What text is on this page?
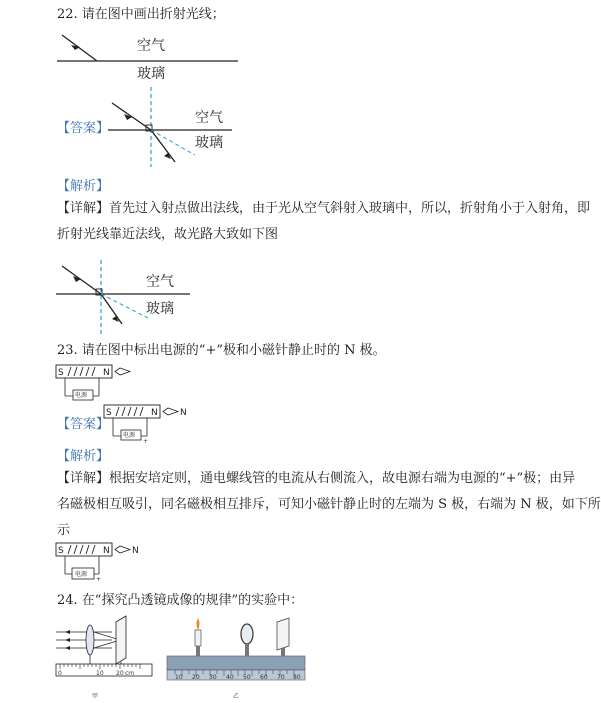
22. 请在图中画出折射光线；
空气
玻璃
【答案】
空气
玻璃
【解析】
【详解】首先过入射点做出法线，由于光从空气斜射入玻璃中，所以，折射角小于入射角，即
折射光线靠近法线，故光路大致如下图
空气
玻璃
23. 请在图中标出电源的“+”极和小磁针静止时的 N 极。
S	N
电源
【答案】
S	N
电源
+
N
【解析】
【详解】根据安培定则，通电螺线管的电流从右侧流入，故电源右端为电源的“+”极；由异
名磁极相互吸引，同名磁极相互排斥，可知小磁针静止时的左端为 S 极，右端为 N 极，如下所
示
S	N
电源
+
N
24. 在“探究凸透镜成像的规律”的实验中：
0	10 20 cm
甲
10 20 30 40 50 60 70 80
乙
